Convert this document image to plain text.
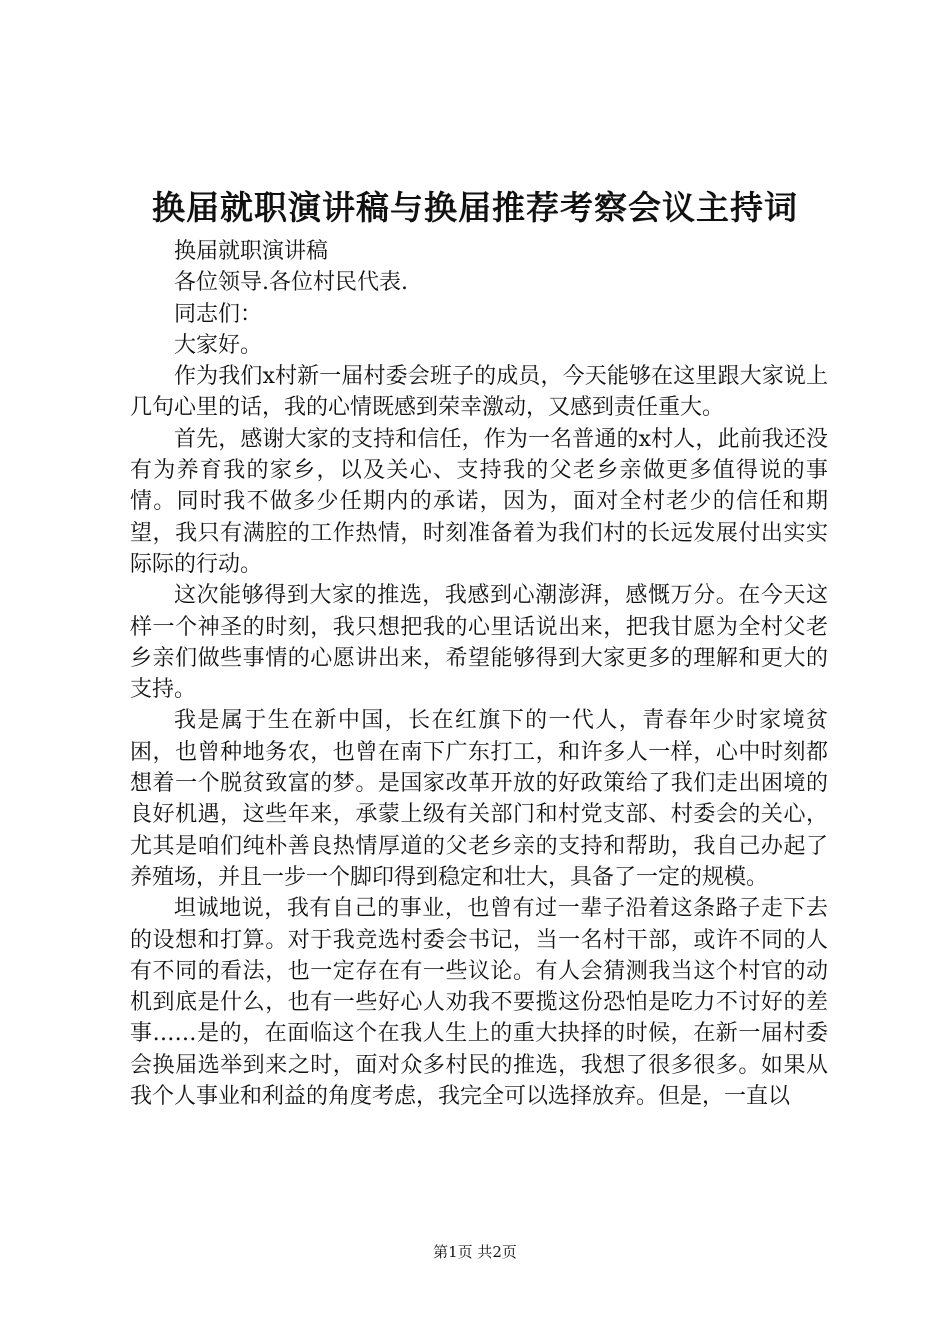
换届就职演讲稿与换届推荐考察会议主持词

换届就职演讲稿

各位领导.各位村民代表.

同志们：

大家好。

作为我们x村新一届村委会班子的成员，今天能够在这里跟大家说上几句心里的话，我的心情既感到荣幸激动，又感到责任重大。

首先，感谢大家的支持和信任，作为一名普通的x村人，此前我还没有为养育我的家乡，以及关心、支持我的父老乡亲做更多值得说的事情。同时我不做多少任期内的承诺，因为，面对全村老少的信任和期望，我只有满腔的工作热情，时刻准备着为我们村的长远发展付出实实际际的行动。

这次能够得到大家的推选，我感到心潮澎湃，感慨万分。在今天这样一个神圣的时刻，我只想把我的心里话说出来，把我甘愿为全村父老乡亲们做些事情的心愿讲出来，希望能够得到大家更多的理解和更大的支持。

我是属于生在新中国，长在红旗下的一代人，青春年少时家境贫困，也曾种地务农，也曾在南下广东打工，和许多人一样，心中时刻都想着一个脱贫致富的梦。是国家改革开放的好政策给了我们走出困境的良好机遇，这些年来，承蒙上级有关部门和村党支部、村委会的关心，尤其是咱们纯朴善良热情厚道的父老乡亲的支持和帮助，我自己办起了养殖场，并且一步一个脚印得到稳定和壮大，具备了一定的规模。

坦诚地说，我有自己的事业，也曾有过一辈子沿着这条路子走下去的设想和打算。对于我竞选村委会书记，当一名村干部，或许不同的人有不同的看法，也一定存在有一些议论。有人会猜测我当这个村官的动机到底是什么，也有一些好心人劝我不要揽这份恐怕是吃力不讨好的差事……是的，在面临这个在我人生上的重大抉择的时候，在新一届村委会换届选举到来之时，面对众多村民的推选，我想了很多很多。如果从我个人事业和利益的角度考虑，我完全可以选择放弃。但是，一直以

第1页 共2页
